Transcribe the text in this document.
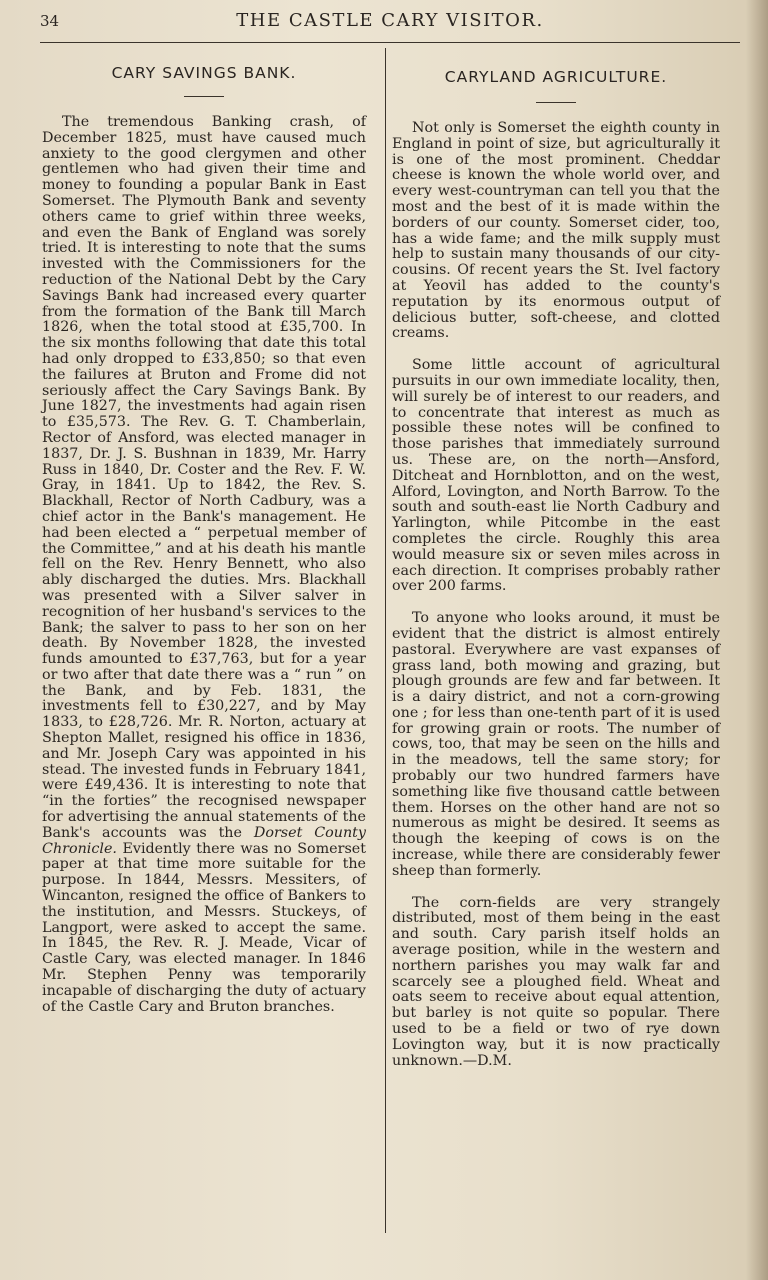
34	THE CASTLE CARY VISITOR.
CARY SAVINGS BANK.

The tremendous Banking crash, of December 1825, must have caused much anxiety to the good clergymen and other gentlemen who had given their time and money to founding a popular Bank in East Somerset. The Plymouth Bank and seventy others came to grief within three weeks, and even the Bank of England was sorely tried. It is interesting to note that the sums invested with the Commissioners for the reduction of the National Debt by the Cary Savings Bank had increased every quarter from the formation of the Bank till March 1826, when the total stood at £35,700. In the six months following that date this total had only dropped to £33,850; so that even the failures at Bruton and Frome did not seriously affect the Cary Savings Bank. By June 1827, the investments had again risen to £35,573. The Rev. G. T. Chamberlain, Rector of Ansford, was elected manager in 1837, Dr. J. S. Bushnan in 1839, Mr. Harry Russ in 1840, Dr. Coster and the Rev. F. W. Gray, in 1841. Up to 1842, the Rev. S. Blackhall, Rector of North Cadbury, was a chief actor in the Bank's management. He had been elected a “ perpetual member of the Committee,” and at his death his mantle fell on the Rev. Henry Bennett, who also ably discharged the duties. Mrs. Blackhall was presented with a Silver salver in recognition of her husband's services to the Bank; the salver to pass to her son on her death. By November 1828, the invested funds amounted to £37,763, but for a year or two after that date there was a “ run ” on the Bank, and by Feb. 1831, the investments fell to £30,227, and by May 1833, to £28,726. Mr. R. Norton, actuary at Shepton Mallet, resigned his office in 1836, and Mr. Joseph Cary was appointed in his stead. The invested funds in February 1841, were £49,436. It is interesting to note that “in the forties” the recognised newspaper for advertising the annual statements of the Bank's accounts was the Dorset County Chronicle. Evidently there was no Somerset paper at that time more suitable for the purpose. In 1844, Messrs. Messiters, of Wincanton, resigned the office of Bankers to the institution, and Messrs. Stuckeys, of Langport, were asked to accept the same. In 1845, the Rev. R. J. Meade, Vicar of Castle Cary, was elected manager. In 1846 Mr. Stephen Penny was temporarily incapable of discharging the duty of actuary of the Castle Cary and Bruton branches.

CARYLAND AGRICULTURE.

Not only is Somerset the eighth county in England in point of size, but agriculturally it is one of the most prominent. Cheddar cheese is known the whole world over, and every west-countryman can tell you that the most and the best of it is made within the borders of our county. Somerset cider, too, has a wide fame; and the milk supply must help to sustain many thousands of our city-cousins. Of recent years the St. Ivel factory at Yeovil has added to the county's reputation by its enormous output of delicious butter, soft-cheese, and clotted creams.

Some little account of agricultural pursuits in our own immediate locality, then, will surely be of interest to our readers, and to concentrate that interest as much as possible these notes will be confined to those parishes that immediately surround us. These are, on the north—Ansford, Ditcheat and Hornblotton, and on the west, Alford, Lovington, and North Barrow. To the south and south-east lie North Cadbury and Yarlington, while Pitcombe in the east completes the circle. Roughly this area would measure six or seven miles across in each direction. It comprises probably rather over 200 farms.

To anyone who looks around, it must be evident that the district is almost entirely pastoral. Everywhere are vast expanses of grass land, both mowing and grazing, but plough grounds are few and far between. It is a dairy district, and not a corn-growing one ; for less than one-tenth part of it is used for growing grain or roots. The number of cows, too, that may be seen on the hills and in the meadows, tell the same story; for probably our two hundred farmers have something like five thousand cattle between them. Horses on the other hand are not so numerous as might be desired. It seems as though the keeping of cows is on the increase, while there are considerably fewer sheep than formerly.

The corn-fields are very strangely distributed, most of them being in the east and south. Cary parish itself holds an average position, while in the western and northern parishes you may walk far and scarcely see a ploughed field. Wheat and oats seem to receive about equal attention, but barley is not quite so popular. There used to be a field or two of rye down Lovington way, but it is now practically unknown.—D.M.
